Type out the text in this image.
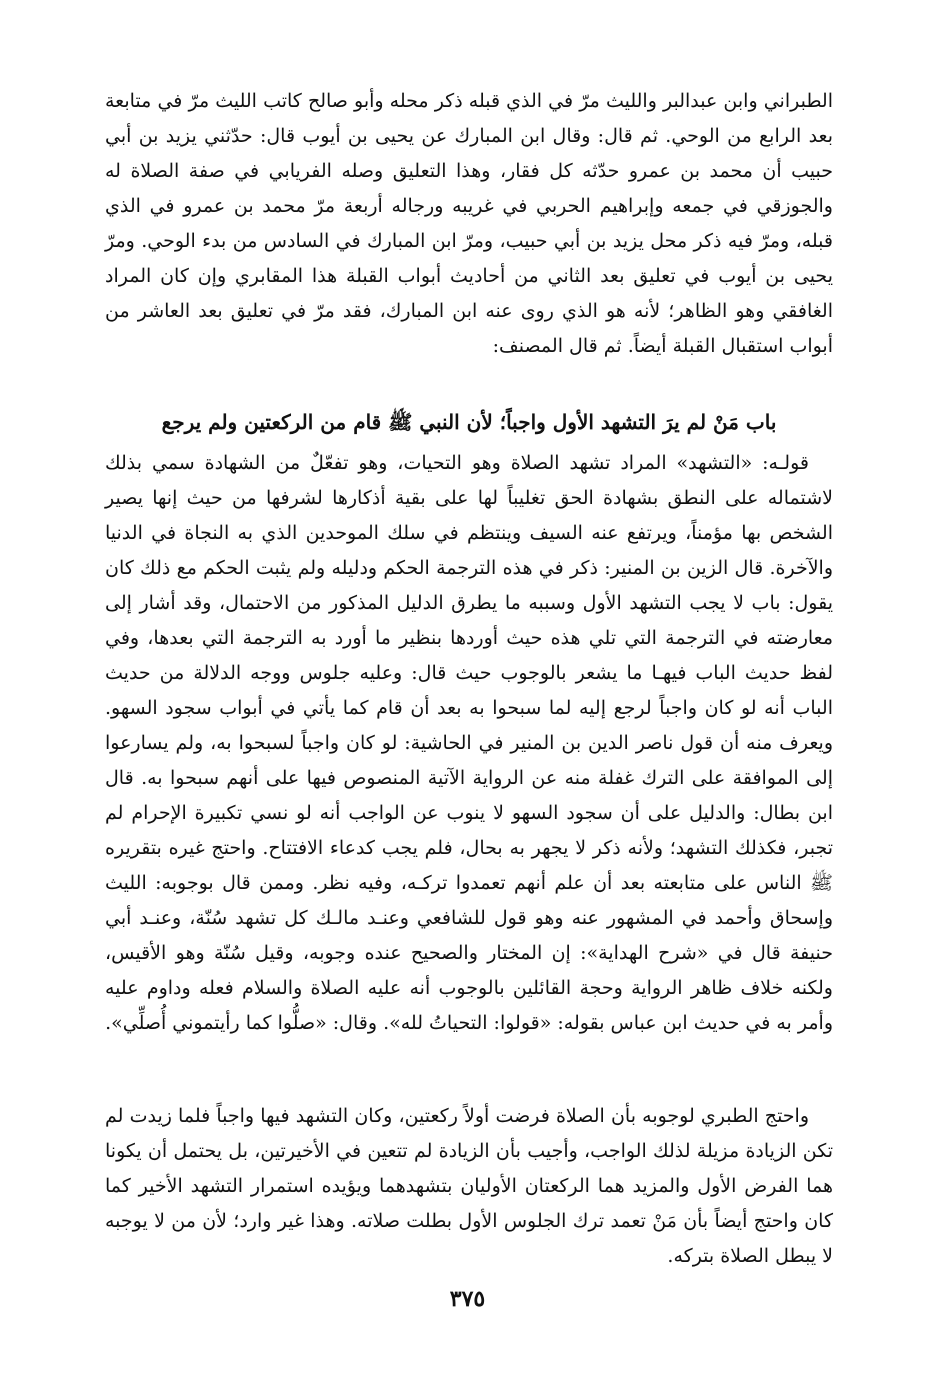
الطبراني وابن عبدالبر والليث مرّ في الذي قبله ذكر محله وأبو صالح كاتب الليث مرّ في متابعة بعد الرابع من الوحي. ثم قال: وقال ابن المبارك عن يحيى بن أيوب قال: حدّثني يزيد بن أبي حبيب أن محمد بن عمرو حدّثه كل فقار، وهذا التعليق وصله الفريابي في صفة الصلاة له والجوزقي في جمعه وإبراهيم الحربي في غريبه ورجاله أربعة مرّ محمد بن عمرو في الذي قبله، ومرّ فيه ذكر محل يزيد بن أبي حبيب، ومرّ ابن المبارك في السادس من بدء الوحي. ومرّ يحيى بن أيوب في تعليق بعد الثاني من أحاديث أبواب القبلة هذا المقابري وإن كان المراد الغافقي وهو الظاهر؛ لأنه هو الذي روى عنه ابن المبارك، فقد مرّ في تعليق بعد العاشر من أبواب استقبال القبلة أيضاً. ثم قال المصنف:
باب مَنْ لم يرَ التشهد الأول واجباً؛ لأن النبي ﷺ قام من الركعتين ولم يرجع
قولـه: «التشهد» المراد تشهد الصلاة وهو التحيات، وهو تفعّلٌ من الشهادة سمي بذلك لاشتماله على النطق بشهادة الحق تغليباً لها على بقية أذكارها لشرفها من حيث إنها يصير الشخص بها مؤمناً، ويرتفع عنه السيف وينتظم في سلك الموحدين الذي به النجاة في الدنيا والآخرة. قال الزين بن المنير: ذكر في هذه الترجمة الحكم ودليله ولم يثبت الحكم مع ذلك كان يقول: باب لا يجب التشهد الأول وسببه ما يطرق الدليل المذكور من الاحتمال، وقد أشار إلى معارضته في الترجمة التي تلي هذه حيث أوردها بنظير ما أورد به الترجمة التي بعدها، وفي لفظ حديث الباب فيهـا ما يشعر بالوجوب حيث قال: وعليه جلوس ووجه الدلالة من حديث الباب أنه لو كان واجباً لرجع إليه لما سبحوا به بعد أن قام كما يأتي في أبواب سجود السهو. ويعرف منه أن قول ناصر الدين بن المنير في الحاشية: لو كان واجباً لسبحوا به، ولم يسارعوا إلى الموافقة على الترك غفلة منه عن الرواية الآتية المنصوص فيها على أنهم سبحوا به. قال ابن بطال: والدليل على أن سجود السهو لا ينوب عن الواجب أنه لو نسي تكبيرة الإحرام لم تجبر، فكذلك التشهد؛ ولأنه ذكر لا يجهر به بحال، فلم يجب كدعاء الافتتاح. واحتج غيره بتقريره ﷺ الناس على متابعته بعد أن علم أنهم تعمدوا تركـه، وفيه نظر. وممن قال بوجوبه: الليث وإسحاق وأحمد في المشهور عنه وهو قول للشافعي وعنـد مالـك كل تشهد سُنّة، وعنـد أبي حنيفة قال في «شرح الهداية»: إن المختار والصحيح عنده وجوبه، وقيل سُنّة وهو الأقيس، ولكنه خلاف ظاهر الرواية وحجة القائلين بالوجوب أنه عليه الصلاة والسلام فعله وداوم عليه وأمر به في حديث ابن عباس بقوله: «قولوا: التحياتُ لله». وقال: «صلُّوا كما رأيتموني أُصلِّي».
واحتج الطبري لوجوبه بأن الصلاة فرضت أولاً ركعتين، وكان التشهد فيها واجباً فلما زيدت لم تكن الزيادة مزيلة لذلك الواجب، وأجيب بأن الزيادة لم تتعين في الأخيرتين، بل يحتمل أن يكونا هما الفرض الأول والمزيد هما الركعتان الأوليان بتشهدهما ويؤيده استمرار التشهد الأخير كما كان واحتج أيضاً بأن مَنْ تعمد ترك الجلوس الأول بطلت صلاته. وهذا غير وارد؛ لأن من لا يوجبه لا يبطل الصلاة بتركه.
٣٧٥
